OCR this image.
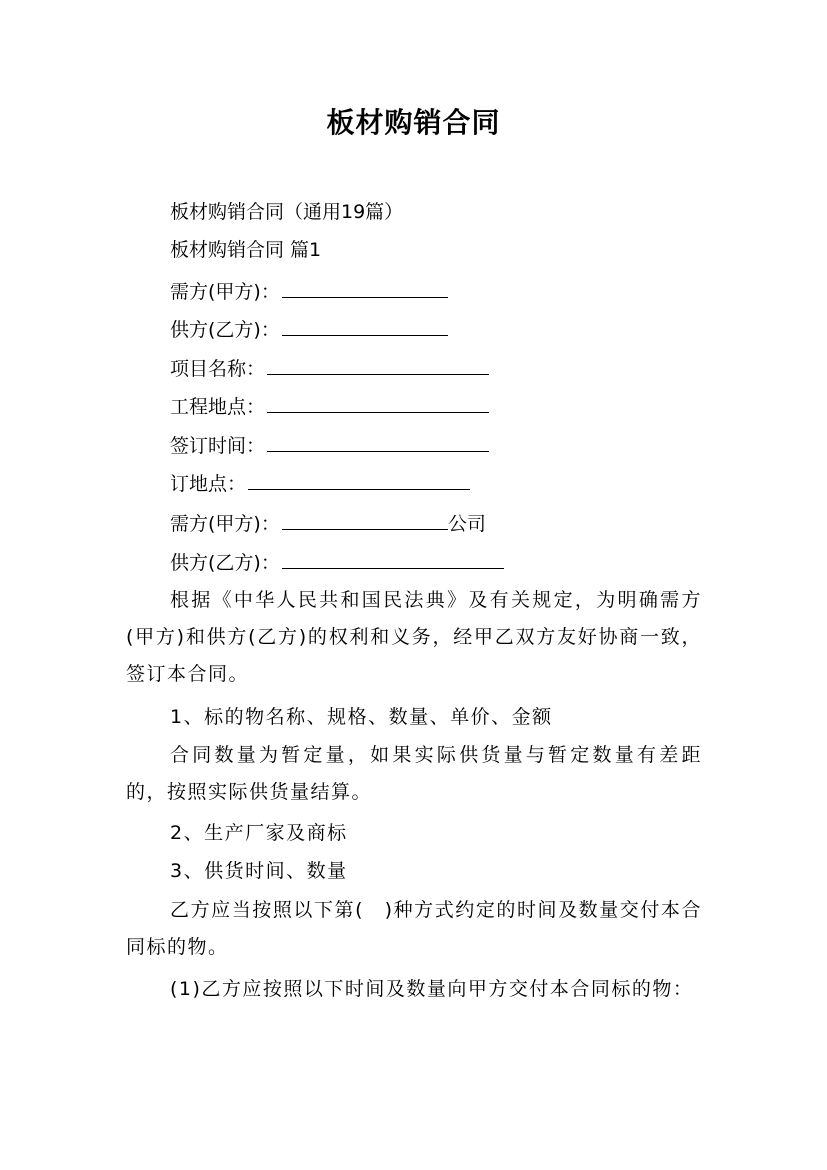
板材购销合同
板材购销合同（通用19篇）
板材购销合同 篇1
需方(甲方)：
供方(乙方)：
项目名称：
工程地点：
签订时间：
订地点：
需方(甲方)：	公司
供方(乙方)：
根据《中华人民共和国民法典》及有关规定，为明确需方(甲方)和供方(乙方)的权利和义务，经甲乙双方友好协商一致，签订本合同。
1、标的物名称、规格、数量、单价、金额
合同数量为暂定量，如果实际供货量与暂定数量有差距的，按照实际供货量结算。
2、生产厂家及商标
3、供货时间、数量
乙方应当按照以下第(　)种方式约定的时间及数量交付本合同标的物。
(1)乙方应按照以下时间及数量向甲方交付本合同标的物：
